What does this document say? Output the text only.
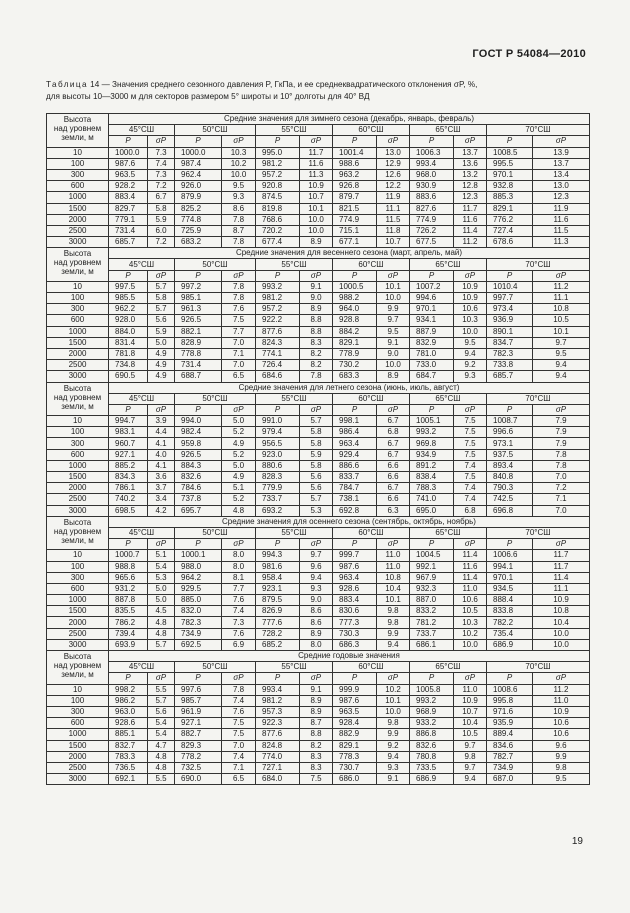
ГОСТ Р 54084—2010
Таблица 14 — Значения среднего сезонного давления P, ГкПа, и ее среднеквадратического отклонения σP, %,
для высоты 10—3000 м для секторов размером 5° широты и 10° долготы для 40° ВД
Высота
над уровнем
земли, м	Средние значения для зимнего сезона (декабрь, январь, февраль)											
	45°СШ		50°СШ		55°СШ		60°СШ		65°СШ		70°СШ	
	P	σP	P	σP	P	σP	P	σP	P	σP	P	σP
10	1000.0	7.3	1000.0	10.3	995.0	11.7	1001.4	13.0	1006.3	13.7	1008.5	13.9
100	987.6	7.4	987.4	10.2	981.2	11.6	988.6	12.9	993.4	13.6	995.5	13.7
300	963.5	7.3	962.4	10.0	957.2	11.3	963.2	12.6	968.0	13.2	970.1	13.4
600	928.2	7.2	926.0	9.5	920.8	10.9	926.8	12.2	930.9	12.8	932.8	13.0
1000	883.4	6.7	879.9	9.3	874.5	10.7	879.7	11.9	883.6	12.3	885.3	12.3
1500	829.7	5.8	825.2	8.6	819.8	10.1	821.5	11.1	827.6	11.7	829.1	11.9
2000	779.1	5.9	774.8	7.8	768.6	10.0	774.9	11.5	774.9	11.6	776.2	11.6
2500	731.4	6.0	725.9	8.7	720.2	10.0	715.1	11.8	726.2	11.4	727.4	11.5
3000	685.7	7.2	683.2	7.8	677.4	8.9	677.1	10.7	677.5	11.2	678.6	11.3

Высота
над уровнем
земли, м	Средние значения для весеннего сезона (март, апрель, май)											
	45°СШ		50°СШ		55°СШ		60°СШ		65°СШ		70°СШ	
	P	σP	P	σP	P	σP	P	σP	P	σP	P	σP
10	997.5	5.7	997.2	7.8	993.2	9.1	1000.5	10.1	1007.2	10.9	1010.4	11.2
100	985.5	5.8	985.1	7.8	981.2	9.0	988.2	10.0	994.6	10.9	997.7	11.1
300	962.2	5.7	961.3	7.6	957.2	8.9	964.0	9.9	970.1	10.6	973.4	10.8
600	928.0	5.6	926.5	7.5	922.2	8.8	928.8	9.7	934.1	10.3	936.9	10.5
1000	884.0	5.9	882.1	7.7	877.6	8.8	884.2	9.5	887.9	10.0	890.1	10.1
1500	831.4	5.0	828.9	7.0	824.3	8.3	829.1	9.1	832.9	9.5	834.7	9.7
2000	781.8	4.9	778.8	7.1	774.1	8.2	778.9	9.0	781.0	9.4	782.3	9.5
2500	734.8	4.9	731.4	7.0	726.4	8.2	730.2	10.0	733.0	9.2	733.8	9.4
3000	690.5	4.9	688.7	6.5	684.6	7.8	683.3	8.9	684.7	9.3	685.7	9.4

Высота
над уровнем
земли, м	Средние значения для летнего сезона (июнь, июль, август)											
	45°СШ		50°СШ		55°СШ		60°СШ		65°СШ		70°СШ	
	P	σP	P	σP	P	σP	P	σP	P	σP	P	σP
10	994.7	3.9	994.0	5.0	991.0	5.7	998.1	6.7	1005.1	7.5	1008.7	7.9
100	983.1	4.4	982.4	5.2	979.4	5.8	986.4	6.8	993.2	7.5	996.6	7.9
300	960.7	4.1	959.8	4.9	956.5	5.8	963.4	6.7	969.8	7.5	973.1	7.9
600	927.1	4.0	926.5	5.2	923.0	5.9	929.4	6.7	934.9	7.5	937.5	7.8
1000	885.2	4.1	884.3	5.0	880.6	5.8	886.6	6.6	891.2	7.4	893.4	7.8
1500	834.3	3.6	832.6	4.9	828.3	5.6	833.7	6.6	838.4	7.5	840.8	7.0
2000	786.1	3.7	784.6	5.1	779.9	5.6	784.7	6.7	788.3	7.4	790.3	7.2
2500	740.2	3.4	737.8	5.2	733.7	5.7	738.1	6.6	741.0	7.4	742.5	7.1
3000	698.5	4.2	695.7	4.8	693.2	5.3	692.8	6.3	695.0	6.8	696.8	7.0

Высота
над уровнем
земли, м	Средние значения для осеннего сезона (сентябрь, октябрь, ноябрь)											
	45°СШ		50°СШ		55°СШ		60°СШ		65°СШ		70°СШ	
	P	σP	P	σP	P	σP	P	σP	P	σP	P	σP
10	1000.7	5.1	1000.1	8.0	994.3	9.7	999.7	11.0	1004.5	11.4	1006.6	11.7
100	988.8	5.4	988.0	8.0	981.6	9.6	987.6	11.0	992.1	11.6	994.1	11.7
300	965.6	5.3	964.2	8.1	958.4	9.4	963.4	10.8	967.9	11.4	970.1	11.4
600	931.2	5.0	929.5	7.7	923.1	9.3	928.6	10.4	932.3	11.0	934.5	11.1
1000	887.8	5.0	885.0	7.6	879.5	9.0	883.4	10.1	887.0	10.6	888.4	10.9
1500	835.5	4.5	832.0	7.4	826.9	8.6	830.6	9.8	833.2	10.5	833.8	10.8
2000	786.2	4.8	782.3	7.3	777.6	8.6	777.3	9.8	781.2	10.3	782.2	10.4
2500	739.4	4.8	734.9	7.6	728.2	8.9	730.3	9.9	733.7	10.2	735.4	10.0
3000	693.9	5.7	692.5	6.9	685.2	8.0	686.3	9.4	686.1	10.0	686.9	10.0

Высота
над уровнем
земли, м	Средние годовые значения											
	45°СШ		50°СШ		55°СШ		60°СШ		65°СШ		70°СШ	
	P	σP	P	σP	P	σP	P	σP	P	σP	P	σP
10	998.2	5.5	997.6	7.8	993.4	9.1	999.9	10.2	1005.8	11.0	1008.6	11.2
100	986.2	5.7	985.7	7.4	981.2	8.9	987.6	10.1	993.2	10.9	995.8	11.0
300	963.0	5.6	961.9	7.6	957.3	8.9	963.5	10.0	968.9	10.7	971.6	10.9
600	928.6	5.4	927.1	7.5	922.3	8.7	928.4	9.8	933.2	10.4	935.9	10.6
1000	885.1	5.4	882.7	7.5	877.6	8.8	882.9	9.9	886.8	10.5	889.4	10.6
1500	832.7	4.7	829.3	7.0	824.8	8.2	829.1	9.2	832.6	9.7	834.6	9.6
2000	783.3	4.8	778.2	7.4	774.0	8.3	778.3	9.4	780.8	9.8	782.7	9.9
2500	736.5	4.8	732.5	7.1	727.1	8.3	730.7	9.3	733.5	9.7	734.9	9.8
3000	692.1	5.5	690.0	6.5	684.0	7.5	686.0	9.1	686.9	9.4	687.0	9.5
19
